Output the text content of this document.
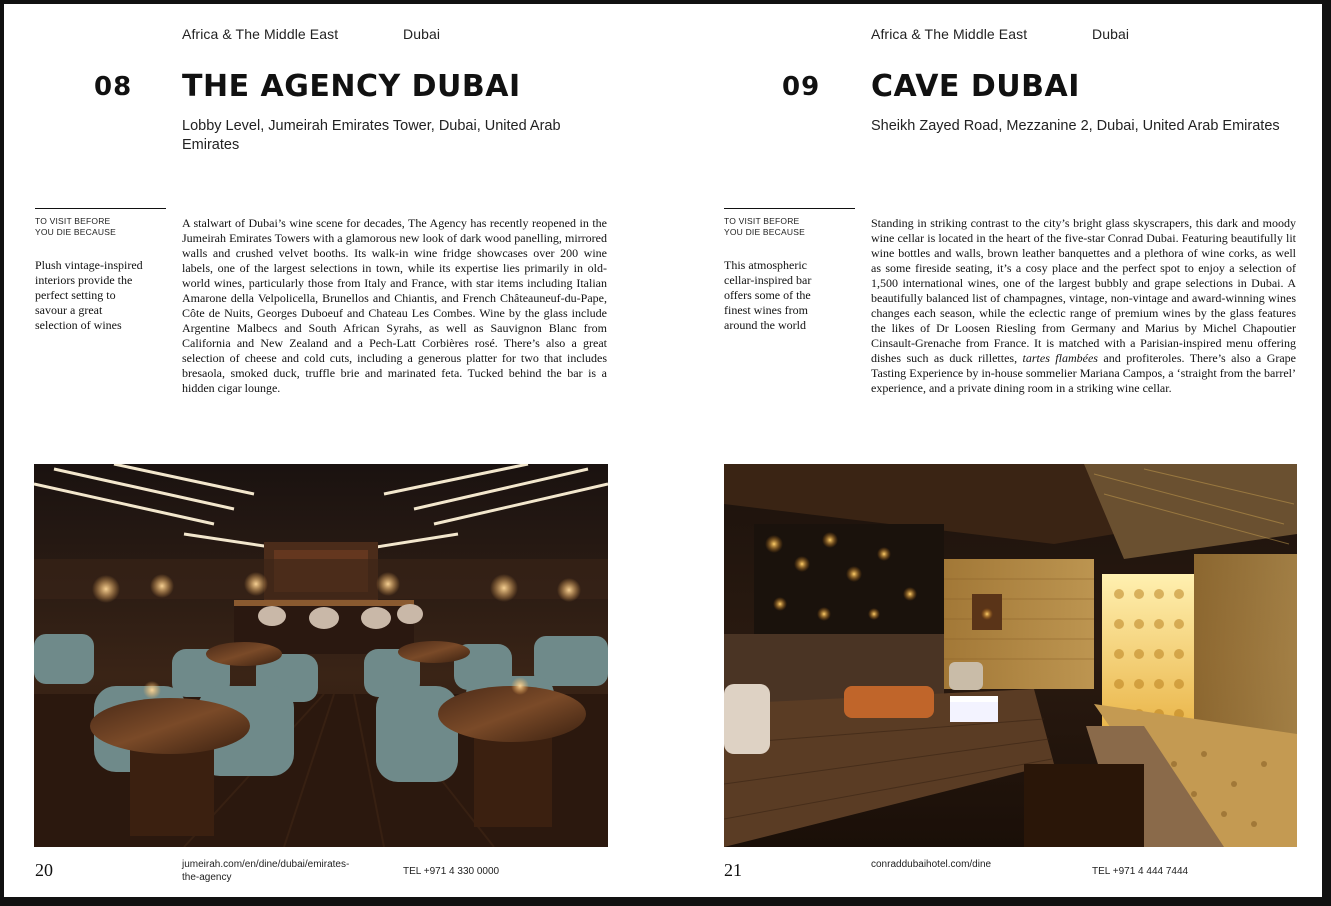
Africa & The Middle East	Dubai
08 THE AGENCY DUBAI
Lobby Level, Jumeirah Emirates Tower, Dubai, United Arab Emirates
TO VISIT BEFORE YOU DIE BECAUSE
Plush vintage-inspired interiors provide the perfect setting to savour a great selection of wines
A stalwart of Dubai’s wine scene for decades, The Agency has recently reopened in the Jumeirah Emirates Towers with a glamorous new look of dark wood panelling, mirrored walls and crushed velvet booths. Its walk-in wine fridge showcases over 200 wine labels, one of the largest selections in town, while its expertise lies primarily in old-world wines, particularly those from Italy and France, with star items including Italian Amarone della Velpolicella, Brunellos and Chiantis, and French Châteauneuf-du-Pape, Côte de Nuits, Georges Duboeuf and Chateau Les Combes. Wine by the glass include Argentine Malbecs and South African Syrahs, as well as Sauvignon Blanc from California and New Zealand and a Pech-Latt Corbières rosé. There’s also a great selection of cheese and cold cuts, including a generous platter for two that includes bresaola, smoked duck, truffle brie and marinated feta. Tucked behind the bar is a hidden cigar lounge.
20	jumeirah.com/en/dine/dubai/emirates-the-agency
TEL +971 4 330 0000
Africa & The Middle East	Dubai
09 CAVE DUBAI
Sheikh Zayed Road, Mezzanine 2, Dubai, United Arab Emirates
TO VISIT BEFORE YOU DIE BECAUSE
This atmospheric cellar-inspired bar offers some of the finest wines from around the world
Standing in striking contrast to the city’s bright glass skyscrapers, this dark and moody wine cellar is located in the heart of the five-star Conrad Dubai. Featuring beautifully lit wine bottles and walls, brown leather banquettes and a plethora of wine corks, as well as some fireside seating, it’s a cosy place and the perfect spot to enjoy a selection of 1,500 international wines, one of the largest bubbly and grape selections in Dubai. A beautifully balanced list of champagnes, vintage, non-vintage and award-winning wines changes each season, while the eclectic range of premium wines by the glass features the likes of Dr Loosen Riesling from Germany and Marius by Michel Chapoutier Cinsault-Grenache from France. It is matched with a Parisian-inspired menu offering dishes such as duck rillettes, tartes flambées and profiteroles. There’s also a Grape Tasting Experience by in-house sommelier Mariana Campos, a ‘straight from the barrel’ experience, and a private dining room in a striking wine cellar.
21	conraddubaihotel.com/dine
TEL +971 4 444 7444
